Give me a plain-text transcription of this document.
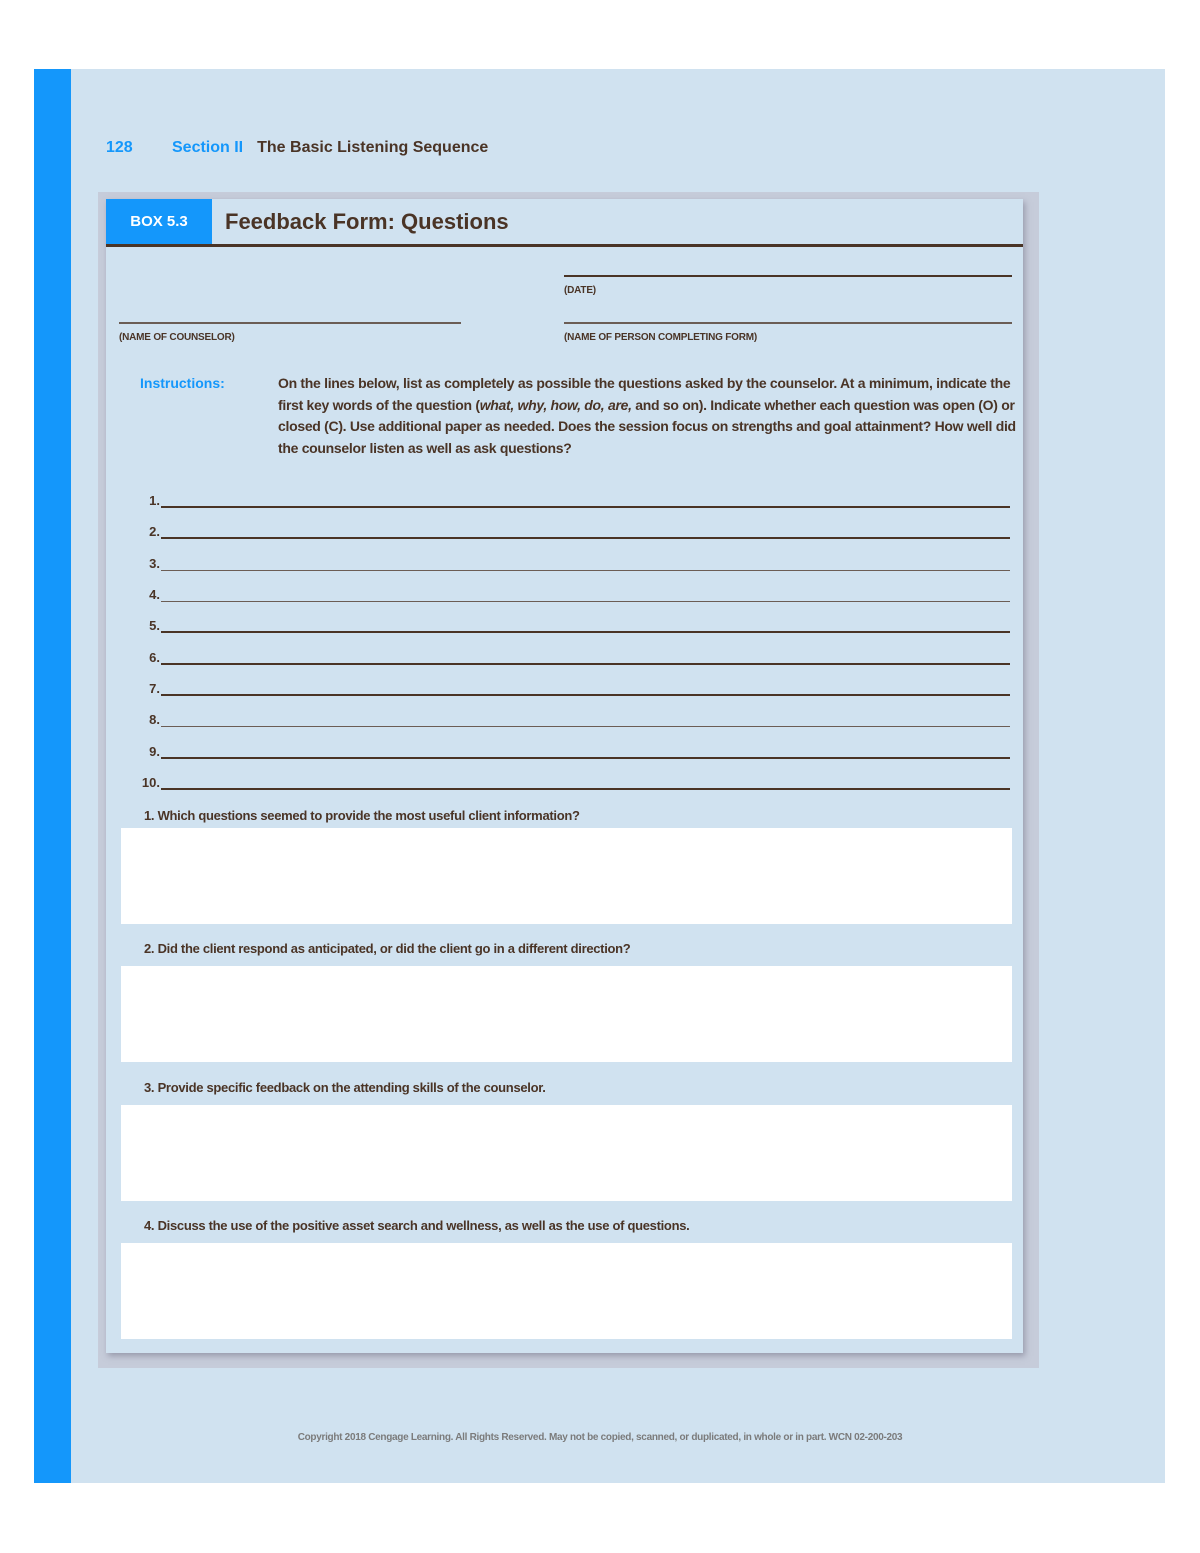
128 Section II The Basic Listening Sequence
BOX 5.3	Feedback Form: Questions
(DATE)
(NAME OF COUNSELOR)	(NAME OF PERSON COMPLETING FORM)
Instructions:	On the lines below, list as completely as possible the questions asked by the counselor. At a minimum, indicate the first key words of the question (what, why, how, do, are, and so on). Indicate whether each question was open (O) or closed (C). Use additional paper as needed. Does the session focus on strengths and goal attainment? How well did the counselor listen as well as ask questions?
1.
2.
3.
4.
5.
6.
7.
8.
9.
10.
1. Which questions seemed to provide the most useful client information?
2. Did the client respond as anticipated, or did the client go in a different direction?
3. Provide specific feedback on the attending skills of the counselor.
4. Discuss the use of the positive asset search and wellness, as well as the use of questions.
Copyright 2018 Cengage Learning. All Rights Reserved. May not be copied, scanned, or duplicated, in whole or in part. WCN 02-200-203
